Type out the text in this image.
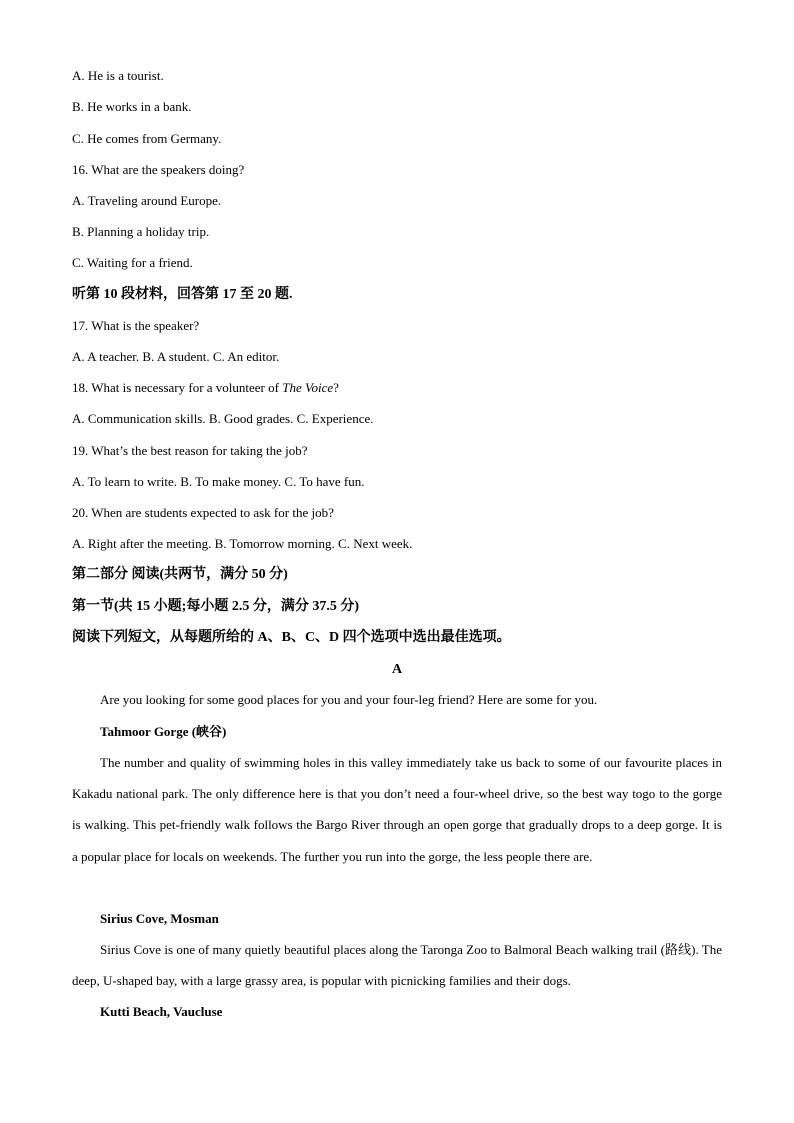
A. He is a tourist.
B. He works in a bank.
C. He comes from Germany.
16. What are the speakers doing?
A. Traveling around Europe.
B. Planning a holiday trip.
C. Waiting for a friend.
听第 10 段材料，回答第 17 至 20 题.
17. What is the speaker?
A. A teacher. B. A student. C. An editor.
18. What is necessary for a volunteer of The Voice?
A. Communication skills. B. Good grades. C. Experience.
19. What’s the best reason for taking the job?
A. To learn to write. B. To make money. C. To have fun.
20. When are students expected to ask for the job?
A. Right after the meeting. B. Tomorrow morning. C. Next week.
第二部分 阅读(共两节，满分 50 分)
第一节(共 15 小题;每小题 2.5 分，满分 37.5 分)
阅读下列短文，从每题所给的 A、B、C、D 四个选项中选出最佳选项。
A
Are you looking for some good places for you and your four-leg friend? Here are some for you.
Tahmoor Gorge (峡谷)
The number and quality of swimming holes in this valley immediately take us back to some of our favourite places in Kakadu national park. The only difference here is that you don’t need a four-wheel drive, so the best way togo to the gorge is walking. This pet-friendly walk follows the Bargo River through an open gorge that gradually drops to a deep gorge. It is a popular place for locals on weekends. The further you run into the gorge, the less people there are.
Sirius Cove, Mosman
Sirius Cove is one of many quietly beautiful places along the Taronga Zoo to Balmoral Beach walking trail (路线). The deep, U-shaped bay, with a large grassy area, is popular with picnicking families and their dogs.
Kutti Beach, Vaucluse
